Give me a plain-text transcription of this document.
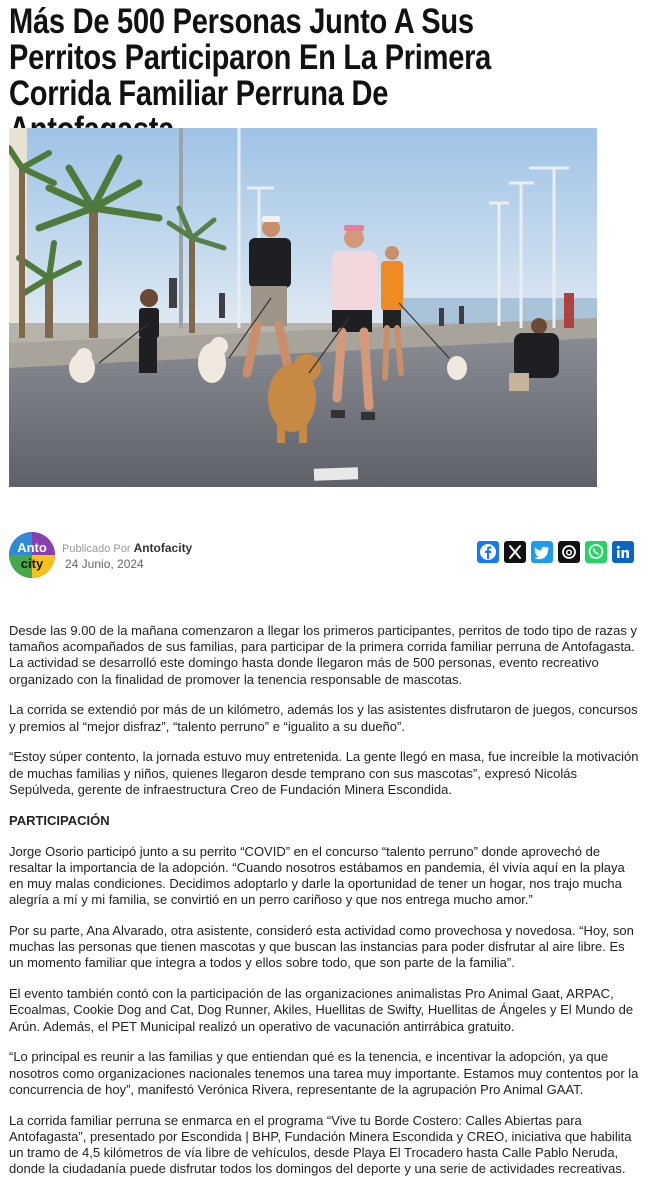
Más De 500 Personas Junto A Sus Perritos Participaron En La Primera Corrida Familiar Perruna De
Anto
city
Publicado Por Antofacity
24 Junio, 2024

Desde las 9.00 de la mañana comenzaron a llegar los primeros participantes, perritos de todo tipo de razas y tamaños acompañados de sus familias, para participar de la primera corrida familiar perruna de Antofagasta. La actividad se desarrolló este domingo hasta donde llegaron más de 500 personas, evento recreativo organizado con la finalidad de promover la tenencia responsable de mascotas.

La corrida se extendió por más de un kilómetro, además los y las asistentes disfrutaron de juegos, concursos y premios al “mejor disfraz”, “talento perruno” e “igualito a su dueño”.

“Estoy súper contento, la jornada estuvo muy entretenida. La gente llegó en masa, fue increíble la motivación de muchas familias y niños, quienes llegaron desde temprano con sus mascotas”, expresó Nicolás Sepúlveda, gerente de infraestructura Creo de Fundación Minera Escondida.

PARTICIPACIÓN

Jorge Osorio participó junto a su perrito “COVID” en el concurso “talento perruno” donde aprovechó de resaltar la importancia de la adopción. “Cuando nosotros estábamos en pandemia, él vivía aquí en la playa en muy malas condiciones. Decidimos adoptarlo y darle la oportunidad de tener un hogar, nos trajo mucha alegría a mí y mi familia, se convirtió en un perro cariñoso y que nos entrega mucho amor.”

Por su parte, Ana Alvarado, otra asistente, consideró esta actividad como provechosa y novedosa. “Hoy, son muchas las personas que tienen mascotas y que buscan las instancias para poder disfrutar al aire libre. Es un momento familiar que integra a todos y ellos sobre todo, que son parte de la familia”.

El evento también contó con la participación de las organizaciones animalistas Pro Animal Gaat, ARPAC, Ecoalmas, Cookie Dog and Cat, Dog Runner, Akiles, Huellitas de Swifty, Huellitas de Ángeles y El Mundo de Arún. Además, el PET Municipal realizó un operativo de vacunación antirrábica gratuito.

“Lo principal es reunir a las familias y que entiendan qué es la tenencia, e incentivar la adopción, ya que nosotros como organizaciones nacionales tenemos una tarea muy importante. Estamos muy contentos por la concurrencia de hoy”, manifestó Verónica Rivera, representante de la agrupación Pro Animal GAAT.

La corrida familiar perruna se enmarca en el programa “Vive tu Borde Costero: Calles Abiertas para Antofagasta”, presentado por Escondida | BHP, Fundación Minera Escondida y CREO, iniciativa que habilita un tramo de 4,5 kilómetros de vía libre de vehículos, desde Playa El Trocadero hasta Calle Pablo Neruda, donde la ciudadanía puede disfrutar todos los domingos del deporte y una serie de actividades recreativas.
